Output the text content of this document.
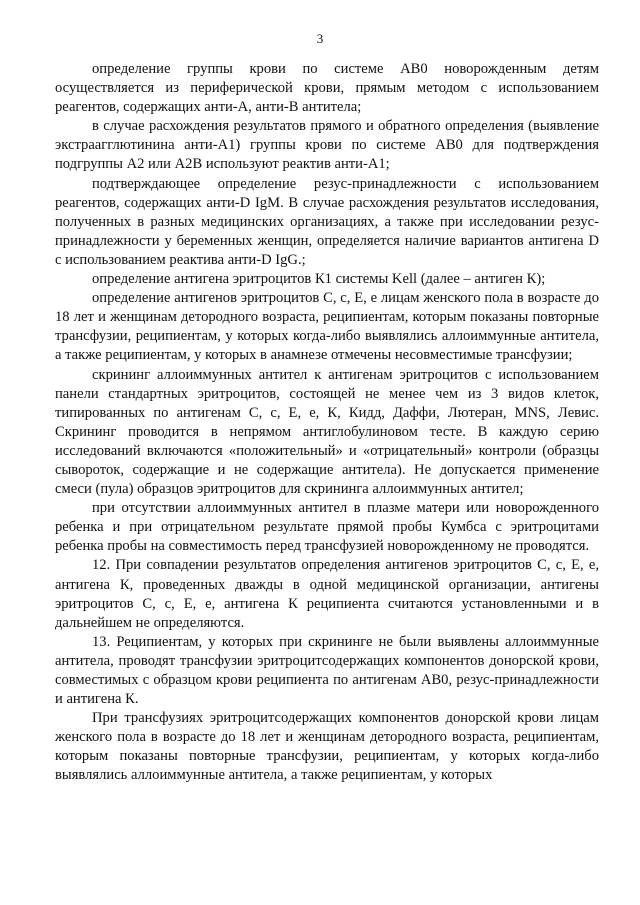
3

определение группы крови по системе АВ0 новорожденным детям осуществляется из периферической крови, прямым методом с использованием реагентов, содержащих анти-А, анти-В антитела;

в случае расхождения результатов прямого и обратного определения (выявление экстраагглютинина анти-А1) группы крови по системе АВ0 для подтверждения подгруппы А2 или А2В используют реактив анти-А1;

подтверждающее определение резус-принадлежности с использованием реагентов, содержащих анти-D IgM. В случае расхождения результатов исследования, полученных в разных медицинских организациях, а также при исследовании резус-принадлежности у беременных женщин, определяется наличие вариантов антигена D с использованием реактива анти-D IgG.;

определение антигена эритроцитов К1 системы Kell (далее – антиген К);

определение антигенов эритроцитов С, с, Е, е лицам женского пола в возрасте до 18 лет и женщинам детородного возраста, реципиентам, которым показаны повторные трансфузии, реципиентам, у которых когда-либо выявлялись аллоиммунные антитела, а также реципиентам, у которых в анамнезе отмечены несовместимые трансфузии;

скрининг аллоиммунных антител к антигенам эритроцитов с использованием панели стандартных эритроцитов, состоящей не менее чем из 3 видов клеток, типированных по антигенам С, с, Е, е, К, Кидд, Даффи, Лютеран, MNS, Левис. Скрининг проводится в непрямом антиглобулиновом тесте. В каждую серию исследований включаются «положительный» и «отрицательный» контроли (образцы сывороток, содержащие и не содержащие антитела). Не допускается применение смеси (пула) образцов эритроцитов для скрининга аллоиммунных антител;

при отсутствии аллоиммунных антител в плазме матери или новорожденного ребенка и при отрицательном результате прямой пробы Кумбса с эритроцитами ребенка пробы на совместимость перед трансфузией новорожденному не проводятся.

12. При совпадении результатов определения антигенов эритроцитов С, с, Е, е, антигена К, проведенных дважды в одной медицинской организации, антигены эритроцитов С, с, Е, е, антигена К реципиента считаются установленными и в дальнейшем не определяются.

13. Реципиентам, у которых при скрининге не были выявлены аллоиммунные антитела, проводят трансфузии эритроцитсодержащих компонентов донорской крови, совместимых с образцом крови реципиента по антигенам АВ0, резус-принадлежности и антигена К.

При трансфузиях эритроцитсодержащих компонентов донорской крови лицам женского пола в возрасте до 18 лет и женщинам детородного возраста, реципиентам, которым показаны повторные трансфузии, реципиентам, у которых когда-либо выявлялись аллоиммунные антитела, а также реципиентам, у которых
